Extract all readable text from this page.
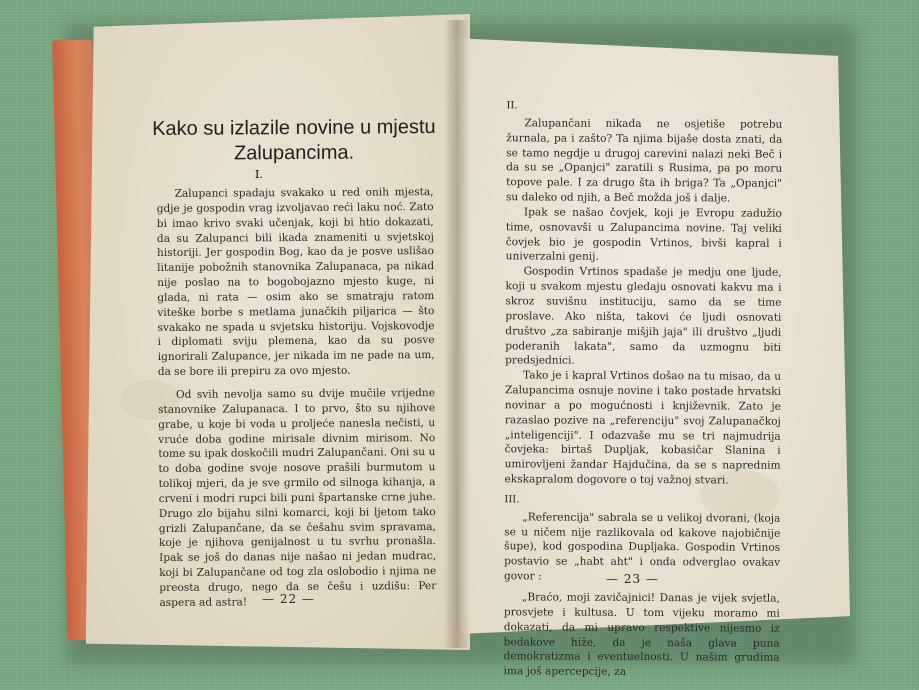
Kako su izlazile novine u mjestu
Zalupancima.
I.

Zalupanci spadaju svakako u red onih mjesta, gdje je gospodin vrag izvoljavao reći laku noć. Zato bi imao krivo svaki učenjak, koji bi htio dokazati, da su Zalupanci bili ikada znameniti u svjetskoj historiji. Jer gospodin Bog, kao da je posve uslišao litanije pobožnih stanovnika Zalupanaca, pa nikad nije poslao na to bogobojazno mjesto kuge, ni glada, ni rata — osim ako se smatraju ratom viteške borbe s metlama junačkih piljarica — što svakako ne spada u svjetsku historiju. Vojskovodje i diplomati sviju plemena, kao da su posve ignorirali Zalupance, jer nikada im ne pade na um, da se bore ili prepiru za ovo mjesto.

Od svih nevolja samo su dvije mučile vrijedne stanovnike Zalupanaca. I to prvo, što su njihove grabe, u koje bi voda u proljeće nanesla nečisti, u vruće doba godine mirisale divnim mirisom. No tome su ipak doskočili mudri Zalupančani. Oni su u to doba godine svoje nosove prašili burmutom u tolikoj mjeri, da je sve grmilo od silnoga kihanja, a crveni i modri rupci bili puni špartanske crne juhe. Drugo zlo bijahu silni komarci, koji bi ljetom tako grizli Zalupančane, da se češahu svim spravama, koje je njihova genijalnost u tu svrhu pronašla. Ipak se još do danas nije našao ni jedan mudrac, koji bi Zalupančane od tog zla oslobodio i njima ne preosta drugo, nego da se češu i uzdišu: Per aspera ad astra!	— 22 —

II.

Zalupančani nikada ne osjetiše potrebu žurnala, pa i zašto? Ta njima bijaše dosta znati, da se tamo negdje u drugoj carevini nalazi neki Beč i da su se „Opanjci" zaratili s Rusima, pa po moru topove pale. I za drugo šta ih briga? Ta „Opanjci" su daleko od njih, a Beč možda još i dalje.

Ipak se našao čovjek, koji je Evropu zadužio time, osnovavši u Zalupancima novine. Taj veliki čovjek bio je gospodin Vrtinos, bivši kapral i univerzalni genij.

Gospodin Vrtinos spadaše je medju one ljude, koji u svakom mjestu gledaju osnovati kakvu ma i skroz suvišnu instituciju, samo da se time proslave. Ako ništa, takovi će ljudi osnovati društvo „za sabiranje mišjih jaja" ili društvo „ljudi poderanih lakata", samo da uzmognu biti predsjednici.

Tako je i kapral Vrtinos došao na tu misao, da u Zalupancima osnuje novine i tako postade hrvatski novinar a po mogućnosti i književnik. Zato je razaslao pozive na „referenciju" svoj Zalupanačkoj „inteligenciji". I odazvaše mu se tri najmudrija čovjeka: birtaš Dupljak, kobasičar Slanina i umirovljeni žandar Hajdučina, da se s naprednim ekskapralom dogovore o toj važnoj stvari.

III.

„Referencija" sabrala se u velikoj dvorani, (koja se u ničem nije razlikovala od kakove najobičnije šupe), kod gospodina Dupljaka. Gospodin Vrtinos postavio se „habt aht" i onda odverglao ovakav govor :

„Braćo, moji zavičajnici! Danas je vijek svjetla, prosvjete i kultusa. U tom vijeku moramo mi dokazati, da mi upravo respektive nijesmo iz bedakove hiže, da je naša glava puna demokratizma i eventuelnosti. U našim grudima ima još apercepcije, za

— 23 —
